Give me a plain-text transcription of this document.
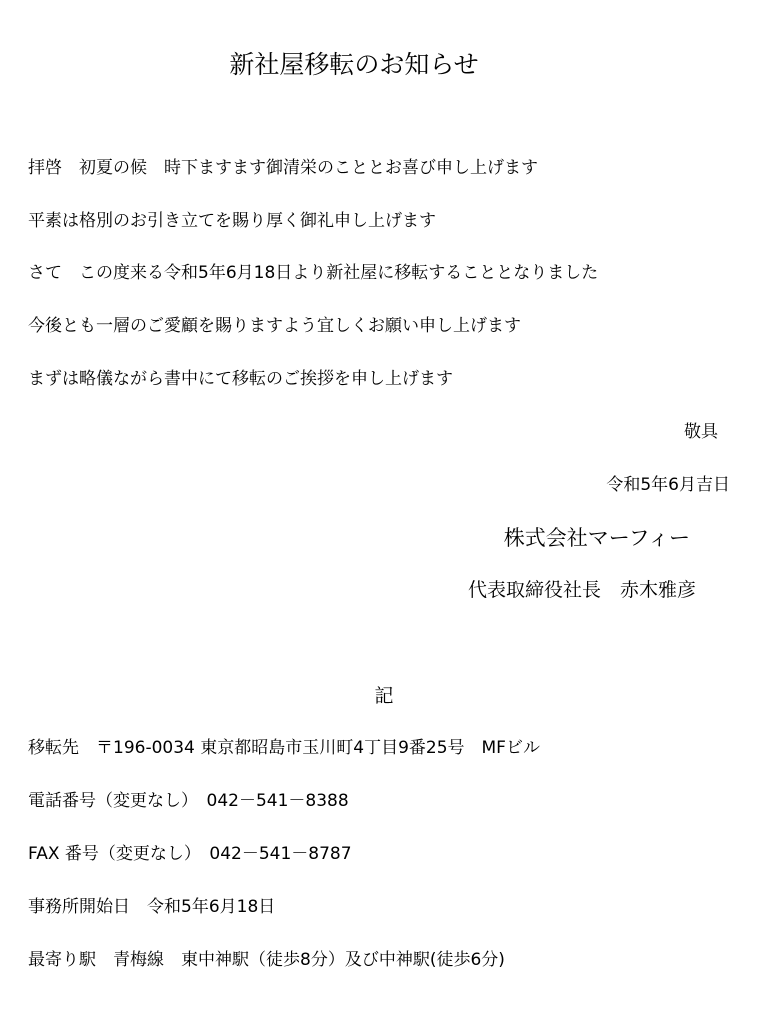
新社屋移転のお知らせ
拝啓　初夏の候　時下ますます御清栄のこととお喜び申し上げます
平素は格別のお引き立てを賜り厚く御礼申し上げます
さて　この度来る令和5年6月18日より新社屋に移転することとなりました
今後とも一層のご愛顧を賜りますよう宜しくお願い申し上げます
まずは略儀ながら書中にて移転のご挨拶を申し上げます
敬具
令和5年6月吉日
株式会社マーフィー
代表取締役社長　赤木雅彦
記
移転先　〒196-0034 東京都昭島市玉川町4丁目9番25号　MFビル
電話番号（変更なし）　042－541－8388
FAX 番号（変更なし）　042－541－8787
事務所開始日　令和5年6月18日
最寄り駅　青梅線　東中神駅（徒歩8分）及び中神駅(徒歩6分)
